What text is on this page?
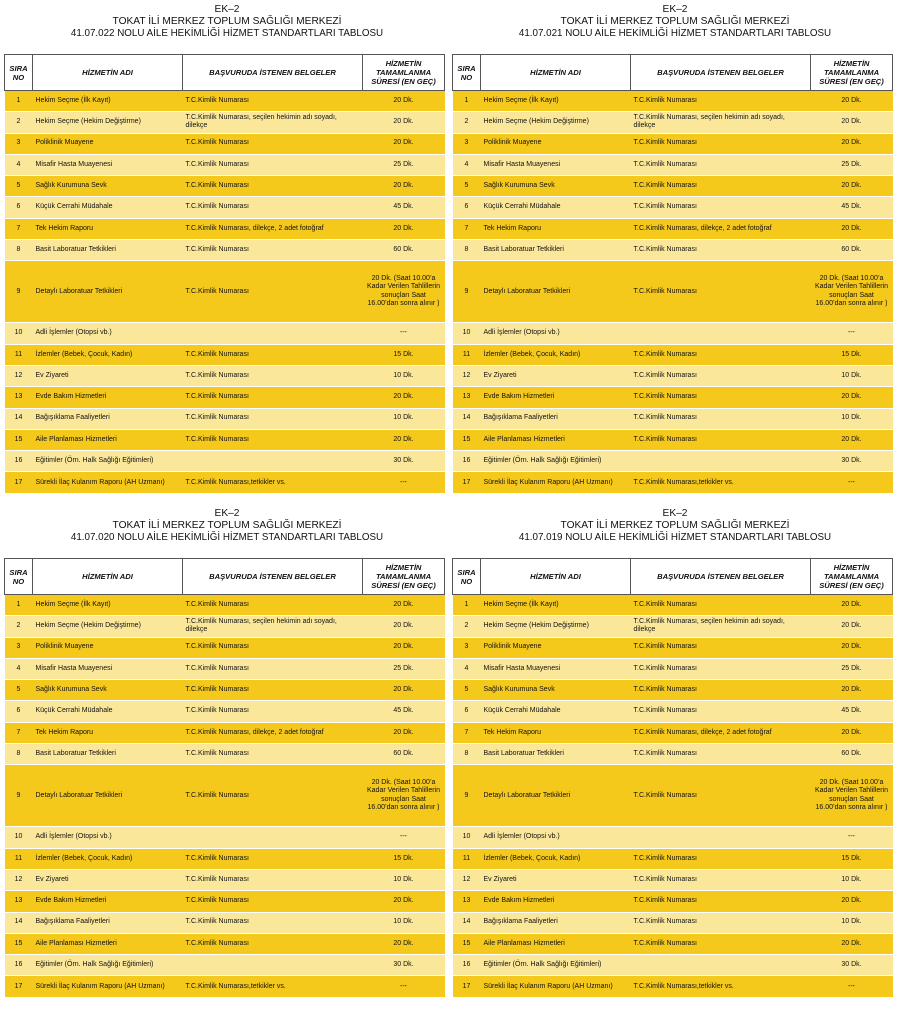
EK–2
TOKAT İLİ MERKEZ TOPLUM SAĞLIĞI MERKEZİ
41.07.022 NOLU AİLE HEKİMLİĞİ HİZMET STANDARTLARI TABLOSU
SIRA NO	HİZMETİN ADI	BAŞVURUDA İSTENEN BELGELER	HİZMETİN TAMAMLANMA SÜRESİ (EN GEÇ)
1	Hekim Seçme (İlk Kayıt)	T.C.Kimlik Numarası	20 Dk.
2	Hekim Seçme (Hekim Değiştirme)	T.C.Kimlik Numarası, seçilen hekimin adı soyadı, dilekçe	20 Dk.
3	Poliklinik Muayene	T.C.Kimlik Numarası	20 Dk.
4	Misafir Hasta Muayenesi	T.C.Kimlik Numarası	25 Dk.
5	Sağlık Kurumuna Sevk	T.C.Kimlik Numarası	20 Dk.
6	Küçük Cerrahi Müdahale	T.C.Kimlik Numarası	45 Dk.
7	Tek Hekim Raporu	T.C.Kimlik Numarası, dilekçe, 2 adet fotoğraf	20 Dk.
8	Basit Laboratuar Tetkikleri	T.C.Kimlik Numarası	60 Dk.
9	Detaylı Laboratuar Tetkikleri	T.C.Kimlik Numarası	20 Dk. (Saat 10.00’a Kadar Verilen Tahlillerin sonuçları Saat 16.00’dan sonra alınır )
10	Adli İşlemler (Otopsi vb.)		---
11	İzlemler (Bebek, Çocuk, Kadın)	T.C.Kimlik Numarası	15 Dk.
12	Ev Ziyareti	T.C.Kimlik Numarası	10 Dk.
13	Evde Bakım Hizmetleri	T.C.Kimlik Numarası	20 Dk.
14	Bağışıklama Faaliyetleri	T.C.Kimlik Numarası	10 Dk.
15	Aile Planlaması Hizmetleri	T.C.Kimlik Numarası	20 Dk.
16	Eğitimler (Örn. Halk Sağlığı Eğitimleri)		30 Dk.
17	Sürekli İlaç Kulanım Raporu (AH Uzmanı)	T.C.Kimlik Numarası,tetkikler vs.	---
EK–2
TOKAT İLİ MERKEZ TOPLUM SAĞLIĞI MERKEZİ
41.07.021 NOLU AİLE HEKİMLİĞİ HİZMET STANDARTLARI TABLOSU
SIRA NO	HİZMETİN ADI	BAŞVURUDA İSTENEN BELGELER	HİZMETİN TAMAMLANMA SÜRESİ (EN GEÇ)
1	Hekim Seçme (İlk Kayıt)	T.C.Kimlik Numarası	20 Dk.
2	Hekim Seçme (Hekim Değiştirme)	T.C.Kimlik Numarası, seçilen hekimin adı soyadı, dilekçe	20 Dk.
3	Poliklinik Muayene	T.C.Kimlik Numarası	20 Dk.
4	Misafir Hasta Muayenesi	T.C.Kimlik Numarası	25 Dk.
5	Sağlık Kurumuna Sevk	T.C.Kimlik Numarası	20 Dk.
6	Küçük Cerrahi Müdahale	T.C.Kimlik Numarası	45 Dk.
7	Tek Hekim Raporu	T.C.Kimlik Numarası, dilekçe, 2 adet fotoğraf	20 Dk.
8	Basit Laboratuar Tetkikleri	T.C.Kimlik Numarası	60 Dk.
9	Detaylı Laboratuar Tetkikleri	T.C.Kimlik Numarası	20 Dk. (Saat 10.00’a Kadar Verilen Tahlillerin sonuçları Saat 16.00’dan sonra alınır )
10	Adli İşlemler (Otopsi vb.)		---
11	İzlemler (Bebek, Çocuk, Kadın)	T.C.Kimlik Numarası	15 Dk.
12	Ev Ziyareti	T.C.Kimlik Numarası	10 Dk.
13	Evde Bakım Hizmetleri	T.C.Kimlik Numarası	20 Dk.
14	Bağışıklama Faaliyetleri	T.C.Kimlik Numarası	10 Dk.
15	Aile Planlaması Hizmetleri	T.C.Kimlik Numarası	20 Dk.
16	Eğitimler (Örn. Halk Sağlığı Eğitimleri)		30 Dk.
17	Sürekli İlaç Kulanım Raporu (AH Uzmanı)	T.C.Kimlik Numarası,tetkikler vs.	---
EK–2
TOKAT İLİ MERKEZ TOPLUM SAĞLIĞI MERKEZİ
41.07.020 NOLU AİLE HEKİMLİĞİ HİZMET STANDARTLARI TABLOSU
SIRA NO	HİZMETİN ADI	BAŞVURUDA İSTENEN BELGELER	HİZMETİN TAMAMLANMA SÜRESİ (EN GEÇ)
1	Hekim Seçme (İlk Kayıt)	T.C.Kimlik Numarası	20 Dk.
2	Hekim Seçme (Hekim Değiştirme)	T.C.Kimlik Numarası, seçilen hekimin adı soyadı, dilekçe	20 Dk.
3	Poliklinik Muayene	T.C.Kimlik Numarası	20 Dk.
4	Misafir Hasta Muayenesi	T.C.Kimlik Numarası	25 Dk.
5	Sağlık Kurumuna Sevk	T.C.Kimlik Numarası	20 Dk.
6	Küçük Cerrahi Müdahale	T.C.Kimlik Numarası	45 Dk.
7	Tek Hekim Raporu	T.C.Kimlik Numarası, dilekçe, 2 adet fotoğraf	20 Dk.
8	Basit Laboratuar Tetkikleri	T.C.Kimlik Numarası	60 Dk.
9	Detaylı Laboratuar Tetkikleri	T.C.Kimlik Numarası	20 Dk. (Saat 10.00’a Kadar Verilen Tahlillerin sonuçları Saat 16.00’dan sonra alınır )
10	Adli İşlemler (Otopsi vb.)		---
11	İzlemler (Bebek, Çocuk, Kadın)	T.C.Kimlik Numarası	15 Dk.
12	Ev Ziyareti	T.C.Kimlik Numarası	10 Dk.
13	Evde Bakım Hizmetleri	T.C.Kimlik Numarası	20 Dk.
14	Bağışıklama Faaliyetleri	T.C.Kimlik Numarası	10 Dk.
15	Aile Planlaması Hizmetleri	T.C.Kimlik Numarası	20 Dk.
16	Eğitimler (Örn. Halk Sağlığı Eğitimleri)		30 Dk.
17	Sürekli İlaç Kulanım Raporu (AH Uzmanı)	T.C.Kimlik Numarası,tetkikler vs.	---
EK–2
TOKAT İLİ MERKEZ TOPLUM SAĞLIĞI MERKEZİ
41.07.019 NOLU AİLE HEKİMLİĞİ HİZMET STANDARTLARI TABLOSU
SIRA NO	HİZMETİN ADI	BAŞVURUDA İSTENEN BELGELER	HİZMETİN TAMAMLANMA SÜRESİ (EN GEÇ)
1	Hekim Seçme (İlk Kayıt)	T.C.Kimlik Numarası	20 Dk.
2	Hekim Seçme (Hekim Değiştirme)	T.C.Kimlik Numarası, seçilen hekimin adı soyadı, dilekçe	20 Dk.
3	Poliklinik Muayene	T.C.Kimlik Numarası	20 Dk.
4	Misafir Hasta Muayenesi	T.C.Kimlik Numarası	25 Dk.
5	Sağlık Kurumuna Sevk	T.C.Kimlik Numarası	20 Dk.
6	Küçük Cerrahi Müdahale	T.C.Kimlik Numarası	45 Dk.
7	Tek Hekim Raporu	T.C.Kimlik Numarası, dilekçe, 2 adet fotoğraf	20 Dk.
8	Basit Laboratuar Tetkikleri	T.C.Kimlik Numarası	60 Dk.
9	Detaylı Laboratuar Tetkikleri	T.C.Kimlik Numarası	20 Dk. (Saat 10.00’a Kadar Verilen Tahlillerin sonuçları Saat 16.00’dan sonra alınır )
10	Adli İşlemler (Otopsi vb.)		---
11	İzlemler (Bebek, Çocuk, Kadın)	T.C.Kimlik Numarası	15 Dk.
12	Ev Ziyareti	T.C.Kimlik Numarası	10 Dk.
13	Evde Bakım Hizmetleri	T.C.Kimlik Numarası	20 Dk.
14	Bağışıklama Faaliyetleri	T.C.Kimlik Numarası	10 Dk.
15	Aile Planlaması Hizmetleri	T.C.Kimlik Numarası	20 Dk.
16	Eğitimler (Örn. Halk Sağlığı Eğitimleri)		30 Dk.
17	Sürekli İlaç Kulanım Raporu (AH Uzmanı)	T.C.Kimlik Numarası,tetkikler vs.	---
